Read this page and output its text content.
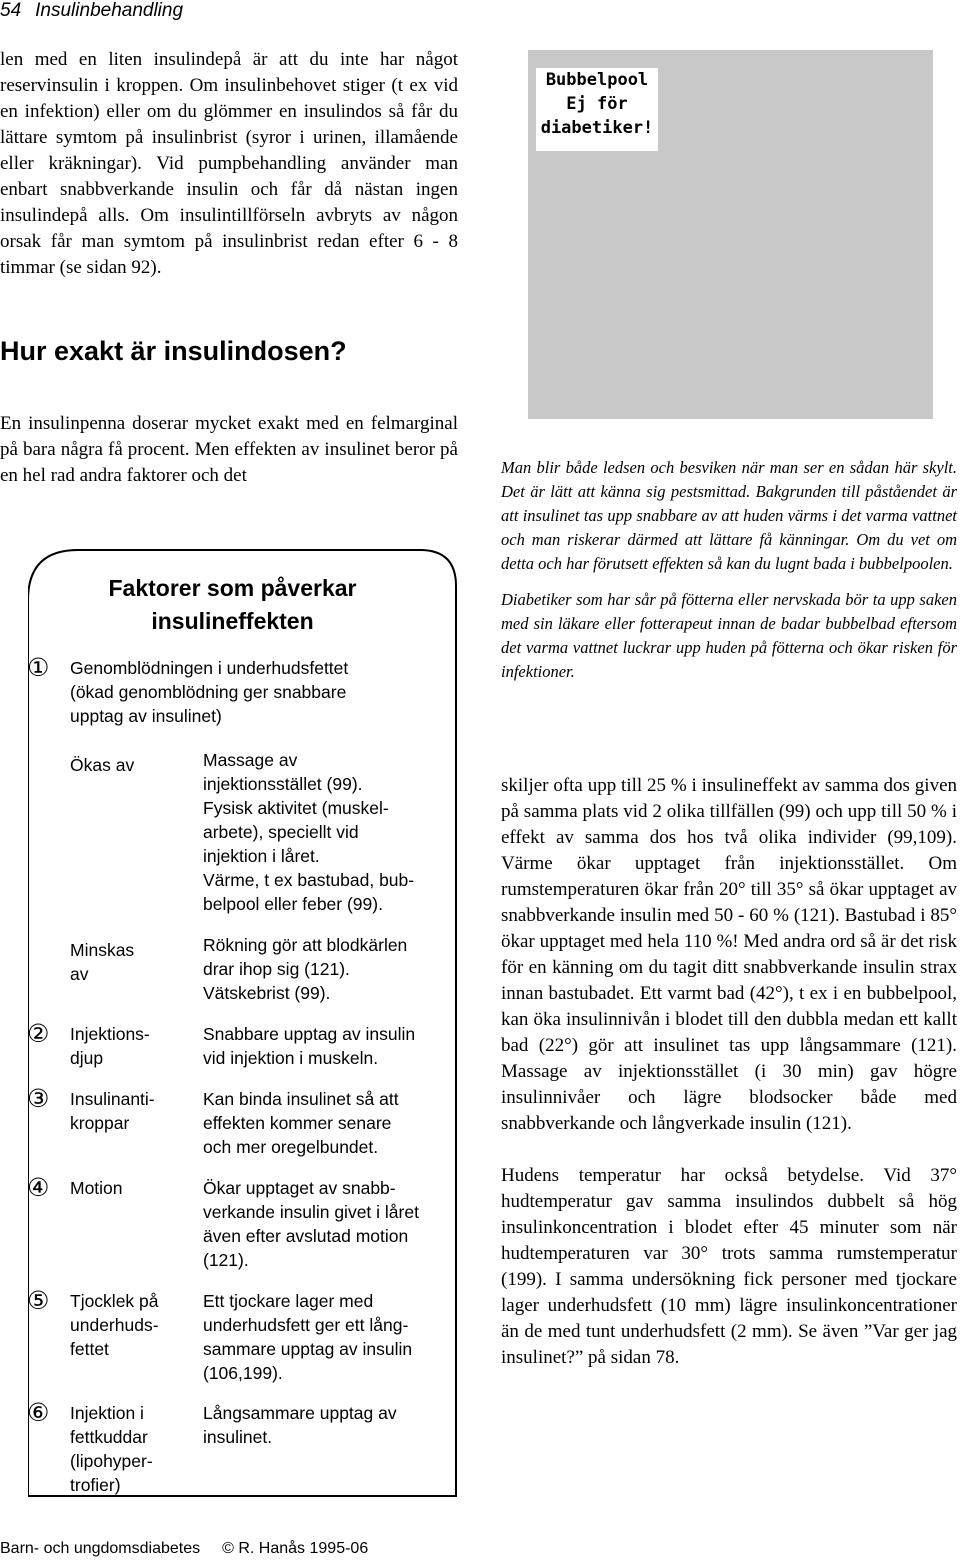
54 Insulinbehandling
len med en liten insulindepå är att du inte har något reservinsulin i kroppen. Om insulinbehovet stiger (t ex vid en infektion) eller om du glömmer en insulindos så får du lättare symtom på insulinbrist (syror i urinen, illamående eller kräkningar). Vid pumpbehandling använder man enbart snabbverkande insulin och får då nästan ingen insulindepå alls. Om insulintillförseln avbryts av någon orsak får man symtom på insulinbrist redan efter 6 - 8 timmar (se sidan 92).
Hur exakt är insulindosen?
En insulinpenna doserar mycket exakt med en felmarginal på bara några få procent. Men effekten av insulinet beror på en hel rad andra faktorer och det
Bubbelpool
Ej för
diabetiker!

Man blir både ledsen och besviken när man ser en sådan här skylt. Det är lätt att känna sig pestsmittad. Bakgrunden till påståendet är att insulinet tas upp snabbare av att huden värms i det varma vattnet och man riskerar därmed att lättare få känningar. Om du vet om detta och har förutsett effekten så kan du lugnt bada i bubbelpoolen.

Diabetiker som har sår på fötterna eller nervskada bör ta upp saken med sin läkare eller fotterapeut innan de badar bubbelbad eftersom det varma vattnet luckrar upp huden på fötterna och ökar risken för infektioner.

skiljer ofta upp till 25 % i insulineffekt av samma dos given på samma plats vid 2 olika tillfällen (99) och upp till 50 % i effekt av samma dos hos två olika individer (99,109). Värme ökar upptaget från injektionsstället. Om rumstemperaturen ökar från 20° till 35° så ökar upptaget av snabbverkande insulin med 50 - 60 % (121). Bastubad i 85° ökar upptaget med hela 110 %! Med andra ord så är det risk för en känning om du tagit ditt snabbverkande insulin strax innan bastubadet. Ett varmt bad (42°), t ex i en bubbelpool, kan öka insulinnivån i blodet till den dubbla medan ett kallt bad (22°) gör att insulinet tas upp långsammare (121). Massage av injektionsstället (i 30 min) gav högre insulinnivåer och lägre blodsocker både med snabbverkande och långverkade insulin (121).

Hudens temperatur har också betydelse. Vid 37° hudtemperatur gav samma insulindos dubbelt så hög insulinkoncentration i blodet efter 45 minuter som när hudtemperaturen var 30° trots samma rumstemperatur (199). I samma undersökning fick personer med tjockare lager underhudsfett (10 mm) lägre insulinkoncentrationer än de med tunt underhudsfett (2 mm). Se även ”Var ger jag insulinet?” på sidan 78.

Faktorer som påverkar
insulineffekten
① Genomblödningen i underhudsfettet
(ökad genomblödning ger snabbare
upptag av insulinet)
Ökas av	Massage av
injektionsstället (99).
Fysisk aktivitet (muskel-
arbete), speciellt vid
injektion i låret.
Värme, t ex bastubad, bub-
belpool eller feber (99).
Minskas
av
Rökning gör att blodkärlen
drar ihop sig (121).
Vätskebrist (99).
② Injektions-
djup
Snabbare upptag av insulin
vid injektion i muskeln.
③ Insulinanti-
kroppar
Kan binda insulinet så att
effekten kommer senare
och mer oregelbundet.
④ Motion	Ökar upptaget av snabb-
verkande insulin givet i låret
även efter avslutad motion
(121).
⑤ Tjocklek på
underhuds-
fettet
Ett tjockare lager med
underhudsfett ger ett lång-
sammare upptag av insulin
(106,199).
⑥ Injektion i
fettkuddar
(lipohyper-
trofier)
Långsammare upptag av
insulinet.
Barn- och ungdomsdiabetes © R. Hanås 1995-06
